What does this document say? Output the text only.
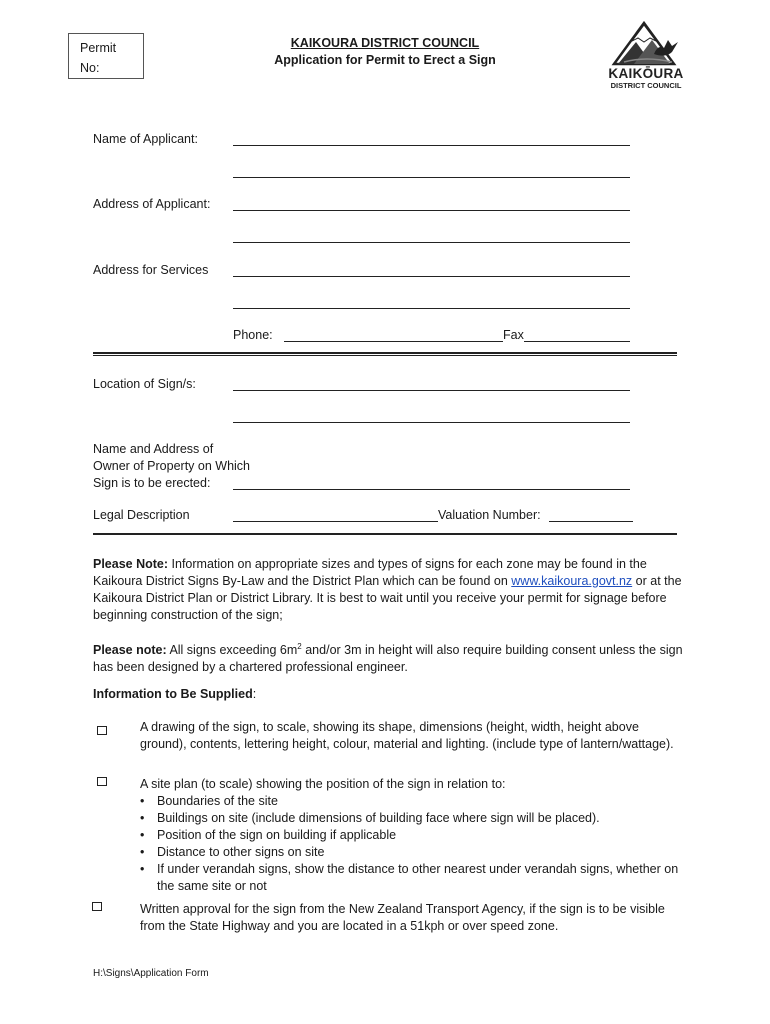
Permit
No:
KAIKOURA DISTRICT COUNCIL
Application for Permit to Erect a Sign
KAIKŌURA
DISTRICT COUNCIL
Name of Applicant:
Address of Applicant:
Address for Services
Phone:	Fax
Location of Sign/s:
Name and Address of
Owner of Property on Which
Sign is to be erected:
Legal Description	Valuation Number:
Please Note: Information on appropriate sizes and types of signs for each zone may be found in the Kaikoura District Signs By-Law and the District Plan which can be found on www.kaikoura.govt.nz or at the Kaikoura District Plan or District Library. It is best to wait until you receive your permit for signage before beginning construction of the sign;
Please note: All signs exceeding $6m^2$ and/or 3m in height will also require building consent unless the sign has been designed by a chartered professional engineer.
Information to Be Supplied:
A drawing of the sign, to scale, showing its shape, dimensions (height, width, height above ground), contents, lettering height, colour, material and lighting. (include type of lantern/wattage).
A site plan (to scale) showing the position of the sign in relation to:
• Boundaries of the site
• Buildings on site (include dimensions of building face where sign will be placed).
• Position of the sign on building if applicable
• Distance to other signs on site
• If under verandah signs, show the distance to other nearest under verandah signs, whether on the same site or not
Written approval for the sign from the New Zealand Transport Agency, if the sign is to be visible from the State Highway and you are located in a 51kph or over speed zone.
H:\Signs\Application Form
